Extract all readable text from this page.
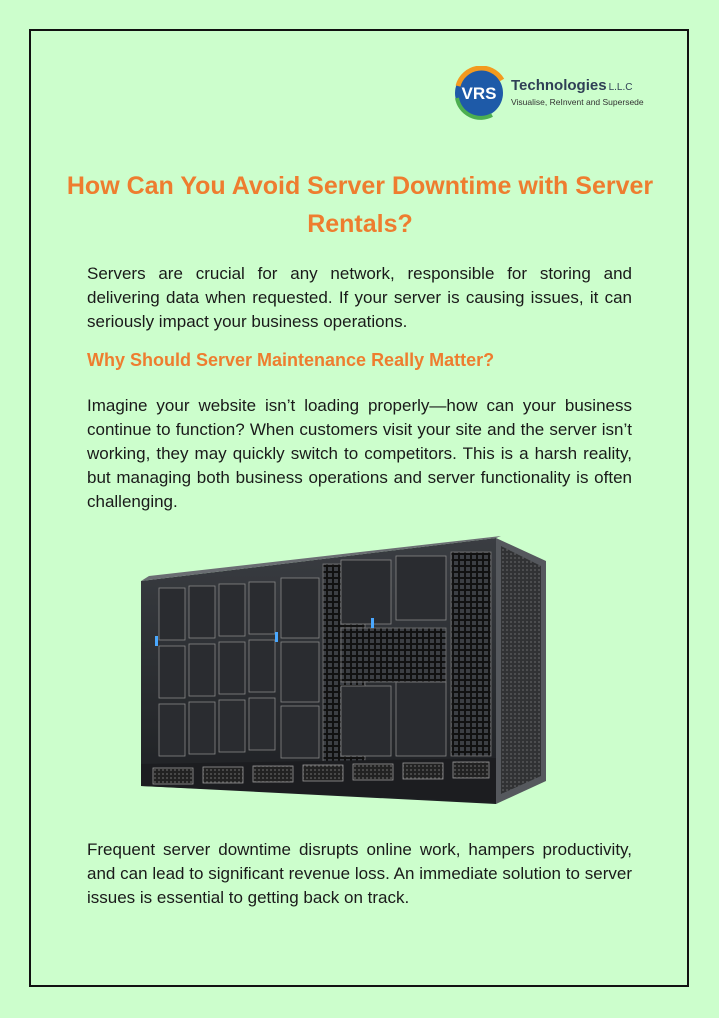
VRS Technologies L.L.C
Visualise, ReInvent and Supersede
How Can You Avoid Server Downtime with Server Rentals?
Servers are crucial for any network, responsible for storing and delivering data when requested. If your server is causing issues, it can seriously impact your business operations.
Why Should Server Maintenance Really Matter?
Imagine your website isn’t loading properly—how can your business continue to function? When customers visit your site and the server isn’t working, they may quickly switch to competitors. This is a harsh reality, but managing both business operations and server functionality is often challenging.
Frequent server downtime disrupts online work, hampers productivity, and can lead to significant revenue loss. An immediate solution to server issues is essential to getting back on track.
